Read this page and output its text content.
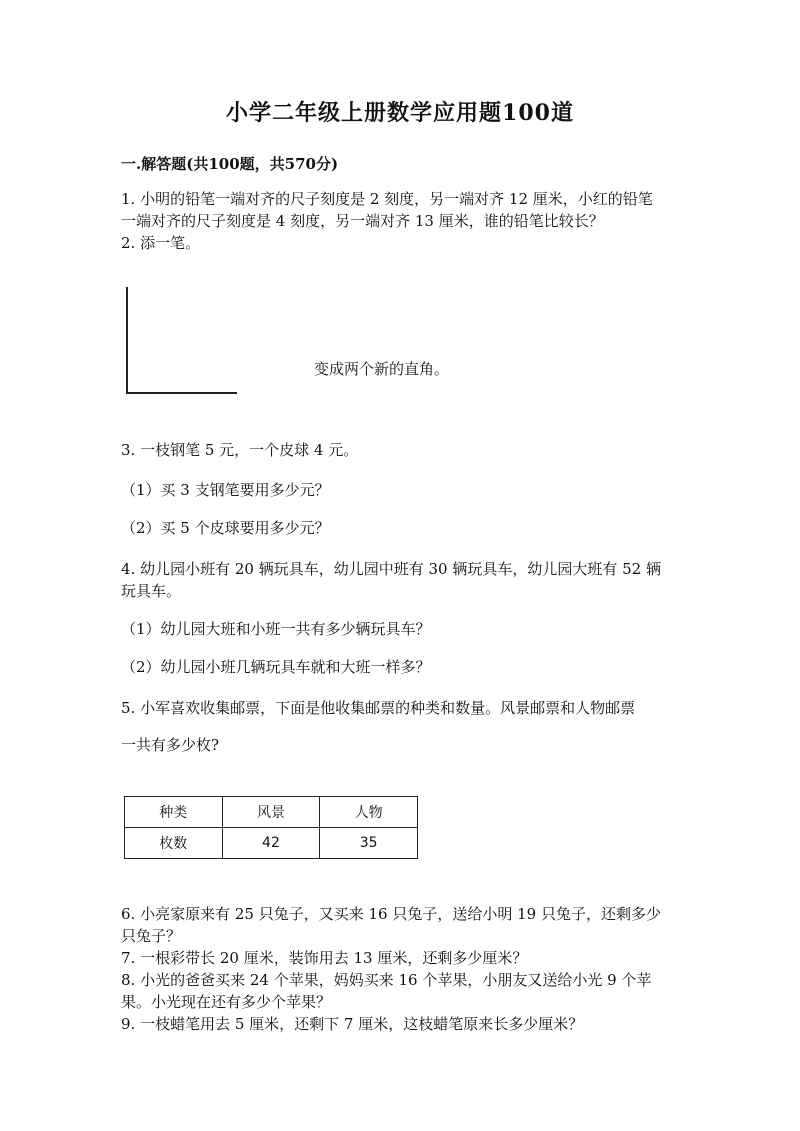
小学二年级上册数学应用题100道
一.解答题(共100题，共570分)
1. 小明的铅笔一端对齐的尺子刻度是 2 刻度，另一端对齐 12 厘米，小红的铅笔
一端对齐的尺子刻度是 4 刻度，另一端对齐 13 厘米，谁的铅笔比较长？
2. 添一笔。
变成两个新的直角。
3. 一枝钢笔 5 元，一个皮球 4 元。
（1）买 3 支钢笔要用多少元？
（2）买 5 个皮球要用多少元？
4. 幼儿园小班有 20 辆玩具车，幼儿园中班有 30 辆玩具车，幼儿园大班有 52 辆
玩具车。
（1）幼儿园大班和小班一共有多少辆玩具车？
（2）幼儿园小班几辆玩具车就和大班一样多？
5. 小军喜欢收集邮票，下面是他收集邮票的种类和数量。风景邮票和人物邮票
一共有多少枚?
种类	风景	人物
枚数	42	35
6. 小亮家原来有 25 只兔子，又买来 16 只兔子，送给小明 19 只兔子，还剩多少
只兔子？
7. 一根彩带长 20 厘米，装饰用去 13 厘米，还剩多少厘米？
8. 小光的爸爸买来 24 个苹果，妈妈买来 16 个苹果，小朋友又送给小光 9 个苹
果。小光现在还有多少个苹果？
9. 一枝蜡笔用去 5 厘米，还剩下 7 厘米，这枝蜡笔原来长多少厘米？
